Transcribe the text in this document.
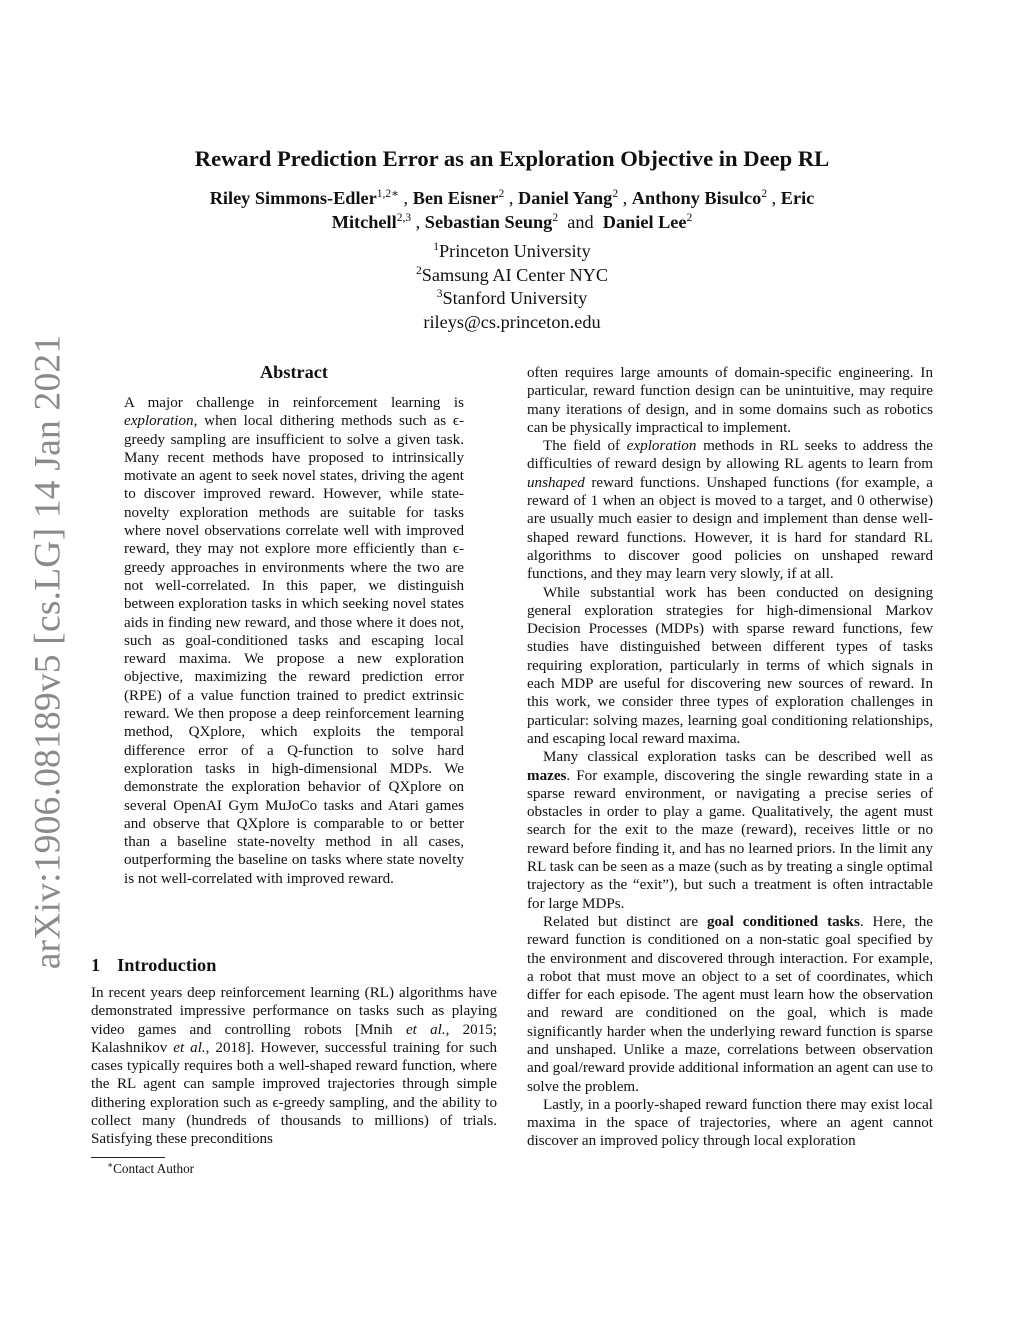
arXiv:1906.08189v5 [cs.LG] 14 Jan 2021
Reward Prediction Error as an Exploration Objective in Deep RL
Riley Simmons-Edler$^{1,2∗}$ , Ben Eisner$^2$ , Daniel Yang$^2$ , Anthony Bisulco$^2$ , Eric
Mitchell$^{2,3}$ , Sebastian Seung$^2$ and Daniel Lee$^2$
$^1$Princeton University
$^2$Samsung AI Center NYC
$^3$Stanford University
rileys@cs.princeton.edu
Abstract
A major challenge in reinforcement learning is exploration, when local dithering methods such as ϵ-greedy sampling are insufficient to solve a given task. Many recent methods have proposed to intrinsically motivate an agent to seek novel states, driving the agent to discover improved reward. However, while state-novelty exploration methods are suitable for tasks where novel observations correlate well with improved reward, they may not explore more efficiently than ϵ-greedy approaches in environments where the two are not well-correlated. In this paper, we distinguish between exploration tasks in which seeking novel states aids in finding new reward, and those where it does not, such as goal-conditioned tasks and escaping local reward maxima. We propose a new exploration objective, maximizing the reward prediction error (RPE) of a value function trained to predict extrinsic reward. We then propose a deep reinforcement learning method, QXplore, which exploits the temporal difference error of a Q-function to solve hard exploration tasks in high-dimensional MDPs. We demonstrate the exploration behavior of QXplore on several OpenAI Gym MuJoCo tasks and Atari games and observe that QXplore is comparable to or better than a baseline state-novelty method in all cases, outperforming the baseline on tasks where state novelty is not well-correlated with improved reward.
1 Introduction
In recent years deep reinforcement learning (RL) algorithms have demonstrated impressive performance on tasks such as playing video games and controlling robots [Mnih et al., 2015; Kalashnikov et al., 2018]. However, successful training for such cases typically requires both a well-shaped reward function, where the RL agent can sample improved trajectories through simple dithering exploration such as ϵ-greedy sampling, and the ability to collect many (hundreds of thousands to millions) of trials. Satisfying these preconditions
∗Contact Author

often requires large amounts of domain-specific engineering. In particular, reward function design can be unintuitive, may require many iterations of design, and in some domains such as robotics can be physically impractical to implement.

The field of exploration methods in RL seeks to address the difficulties of reward design by allowing RL agents to learn from unshaped reward functions. Unshaped functions (for example, a reward of 1 when an object is moved to a target, and 0 otherwise) are usually much easier to design and implement than dense well-shaped reward functions. However, it is hard for standard RL algorithms to discover good policies on unshaped reward functions, and they may learn very slowly, if at all.

While substantial work has been conducted on designing general exploration strategies for high-dimensional Markov Decision Processes (MDPs) with sparse reward functions, few studies have distinguished between different types of tasks requiring exploration, particularly in terms of which signals in each MDP are useful for discovering new sources of reward. In this work, we consider three types of exploration challenges in particular: solving mazes, learning goal conditioning relationships, and escaping local reward maxima.

Many classical exploration tasks can be described well as mazes. For example, discovering the single rewarding state in a sparse reward environment, or navigating a precise series of obstacles in order to play a game. Qualitatively, the agent must search for the exit to the maze (reward), receives little or no reward before finding it, and has no learned priors. In the limit any RL task can be seen as a maze (such as by treating a single optimal trajectory as the “exit”), but such a treatment is often intractable for large MDPs.

Related but distinct are goal conditioned tasks. Here, the reward function is conditioned on a non-static goal specified by the environment and discovered through interaction. For example, a robot that must move an object to a set of coordinates, which differ for each episode. The agent must learn how the observation and reward are conditioned on the goal, which is made significantly harder when the underlying reward function is sparse and unshaped. Unlike a maze, correlations between observation and goal/reward provide additional information an agent can use to solve the problem.

Lastly, in a poorly-shaped reward function there may exist local maxima in the space of trajectories, where an agent cannot discover an improved policy through local exploration
